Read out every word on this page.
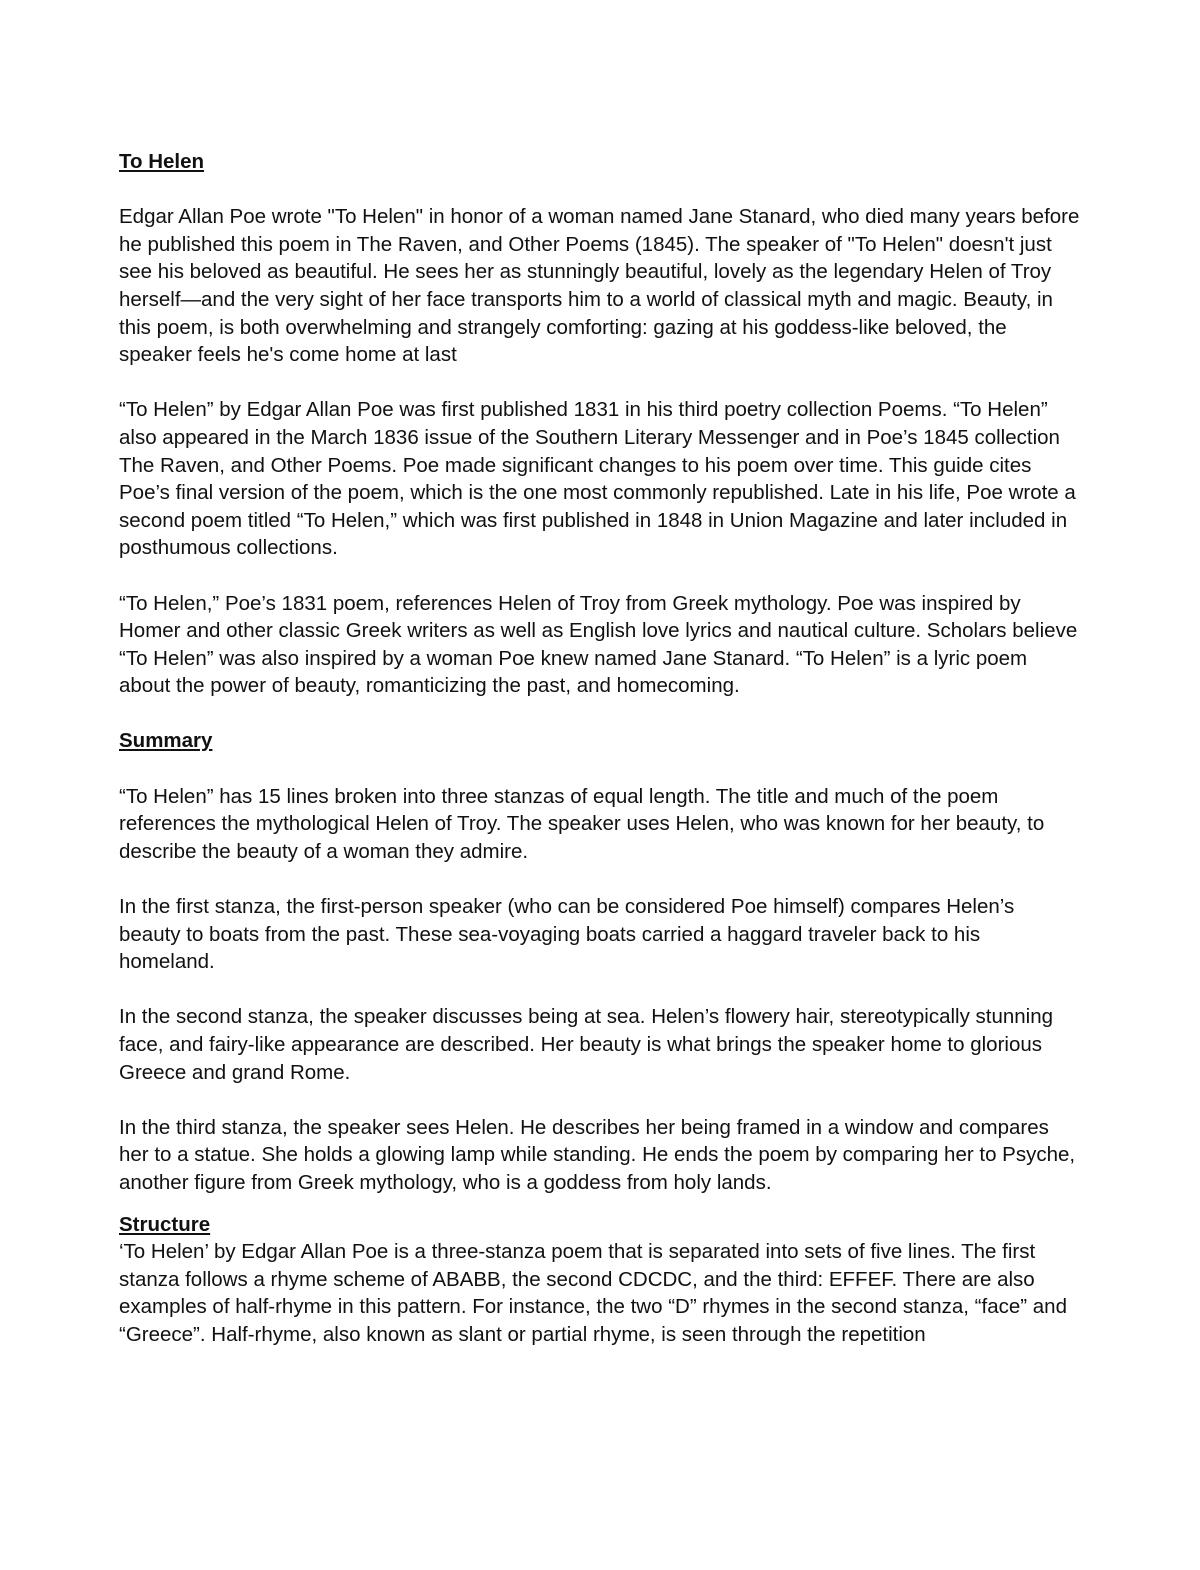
To Helen

Edgar Allan Poe wrote "To Helen" in honor of a woman named Jane Stanard, who died many years before he published this poem in The Raven, and Other Poems (1845). The speaker of "To Helen" doesn't just see his beloved as beautiful. He sees her as stunningly beautiful, lovely as the legendary Helen of Troy herself—and the very sight of her face transports him to a world of classical myth and magic. Beauty, in this poem, is both overwhelming and strangely comforting: gazing at his goddess-like beloved, the speaker feels he's come home at last

“To Helen” by Edgar Allan Poe was first published 1831 in his third poetry collection Poems. “To Helen” also appeared in the March 1836 issue of the Southern Literary Messenger and in Poe’s 1845 collection The Raven, and Other Poems. Poe made significant changes to his poem over time. This guide cites Poe’s final version of the poem, which is the one most commonly republished. Late in his life, Poe wrote a second poem titled “To Helen,” which was first published in 1848 in Union Magazine and later included in posthumous collections.

“To Helen,” Poe’s 1831 poem, references Helen of Troy from Greek mythology. Poe was inspired by Homer and other classic Greek writers as well as English love lyrics and nautical culture. Scholars believe “To Helen” was also inspired by a woman Poe knew named Jane Stanard. “To Helen” is a lyric poem about the power of beauty, romanticizing the past, and homecoming.

Summary

“To Helen” has 15 lines broken into three stanzas of equal length. The title and much of the poem references the mythological Helen of Troy. The speaker uses Helen, who was known for her beauty, to describe the beauty of a woman they admire.

In the first stanza, the first-person speaker (who can be considered Poe himself) compares Helen’s beauty to boats from the past. These sea-voyaging boats carried a haggard traveler back to his homeland.

In the second stanza, the speaker discusses being at sea. Helen’s flowery hair, stereotypically stunning face, and fairy-like appearance are described. Her beauty is what brings the speaker home to glorious Greece and grand Rome.

In the third stanza, the speaker sees Helen. He describes her being framed in a window and compares her to a statue. She holds a glowing lamp while standing. He ends the poem by comparing her to Psyche, another figure from Greek mythology, who is a goddess from holy lands.

Structure

‘To Helen’ by Edgar Allan Poe is a three-stanza poem that is separated into sets of five lines. The first stanza follows a rhyme scheme of ABABB, the second CDCDC, and the third: EFFEF. There are also examples of half-rhyme in this pattern. For instance, the two “D” rhymes in the second stanza, “face” and “Greece”. Half-rhyme, also known as slant or partial rhyme, is seen through the repetition
